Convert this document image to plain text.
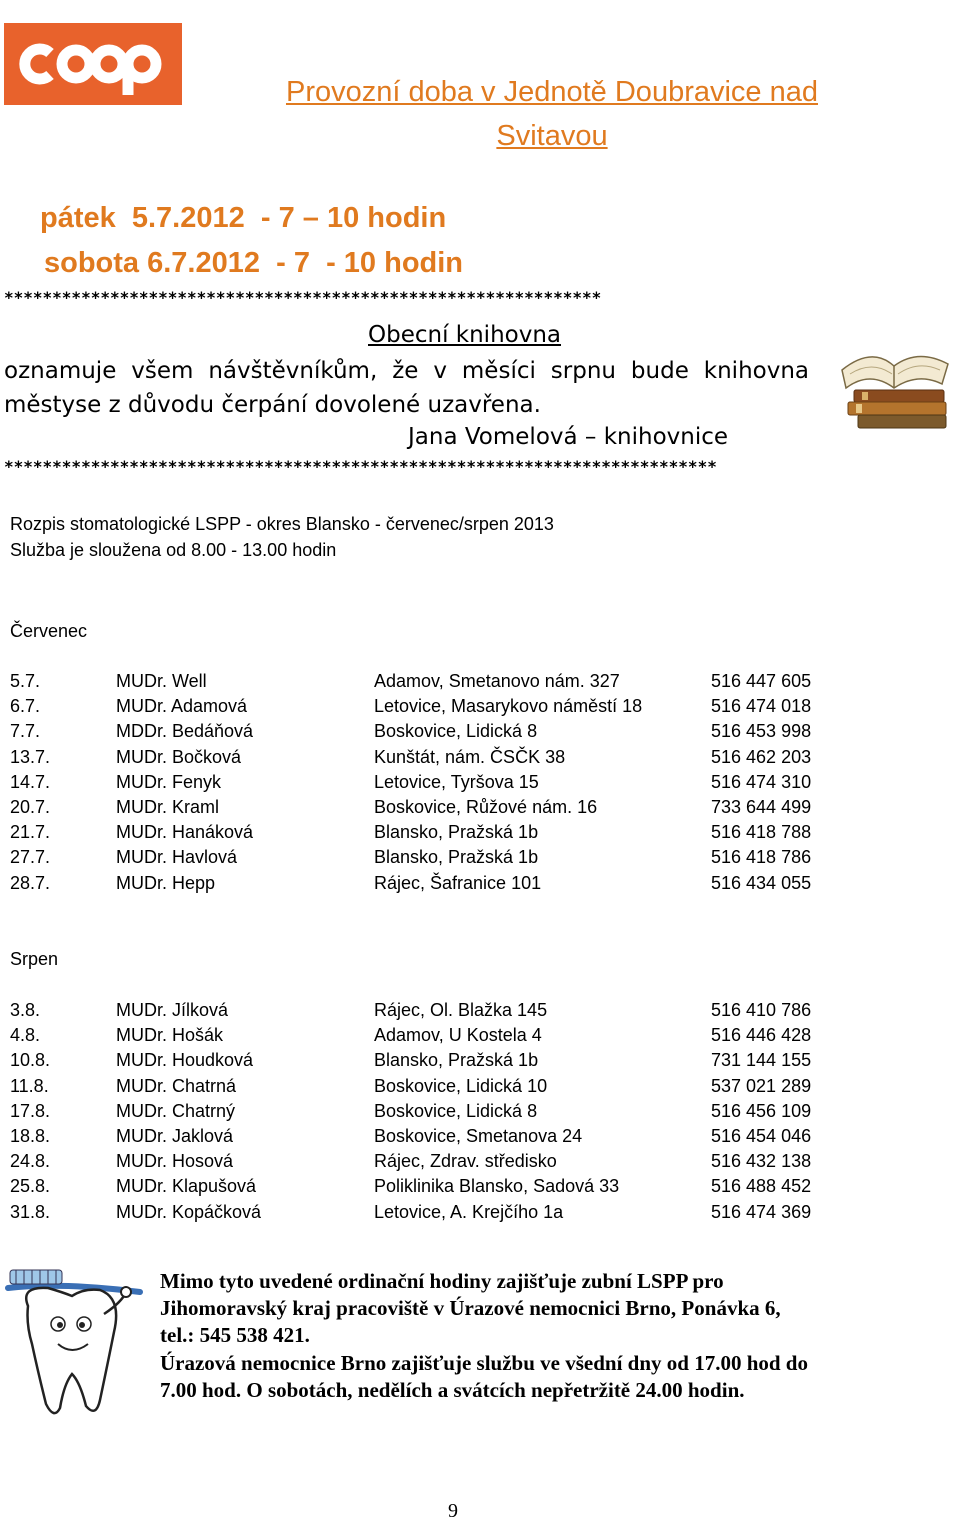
Provozní doba v Jednotě Doubravice nad
Svitavou
pátek  5.7.2012  - 7 – 10 hodin
sobota 6.7.2012  - 7  - 10 hodin
**************************************************************
Obecní knihovna
oznamuje všem návštěvníkům, že v měsíci srpnu bude knihovna
městyse z důvodu čerpání dovolené uzavřena.
Jana Vomelová – knihovnice
**************************************************************************
Rozpis stomatologické LSPP - okres Blansko - červenec/srpen 2013
Služba je sloužena od 8.00 - 13.00 hodin
Červenec
5.7.	MUDr. Well	Adamov, Smetanovo nám. 327	516 447 605
6.7.	MUDr. Adamová	Letovice, Masarykovo náměstí 18	516 474 018
7.7.	MDDr. Bedáňová	Boskovice, Lidická 8	516 453 998
13.7.	MUDr. Bočková	Kunštát, nám. ČSČK 38	516 462 203
14.7.	MUDr. Fenyk	Letovice, Tyršova 15	516 474 310
20.7.	MUDr. Kraml	Boskovice, Růžové nám. 16	733 644 499
21.7.	MUDr. Hanáková	Blansko, Pražská 1b	516 418 788
27.7.	MUDr. Havlová	Blansko, Pražská 1b	516 418 786
28.7.	MUDr. Hepp	Rájec, Šafranice 101	516 434 055
Srpen
3.8.	MUDr. Jílková	Rájec, Ol. Blažka 145	516 410 786
4.8.	MUDr. Hošák	Adamov, U Kostela 4	516 446 428
10.8.	MUDr. Houdková	Blansko, Pražská 1b	731 144 155
11.8.	MUDr. Chatrná	Boskovice, Lidická 10	537 021 289
17.8.	MUDr. Chatrný	Boskovice, Lidická 8	516 456 109
18.8.	MUDr. Jaklová	Boskovice, Smetanova 24	516 454 046
24.8.	MUDr. Hosová	Rájec, Zdrav. středisko	516 432 138
25.8.	MUDr. Klapušová	Poliklinika Blansko, Sadová 33	516 488 452
31.8.	MUDr. Kopáčková	Letovice, A. Krejčího 1a	516 474 369
Mimo tyto uvedené ordinační hodiny zajišťuje zubní LSPP pro
Jihomoravský kraj pracoviště v Úrazové nemocnici Brno, Ponávka 6,
tel.: 545 538 421.
Úrazová nemocnice Brno zajišťuje službu ve všední dny od 17.00 hod do
7.00 hod. O sobotách, nedělích a svátcích nepřetržitě 24.00 hodin.
9
